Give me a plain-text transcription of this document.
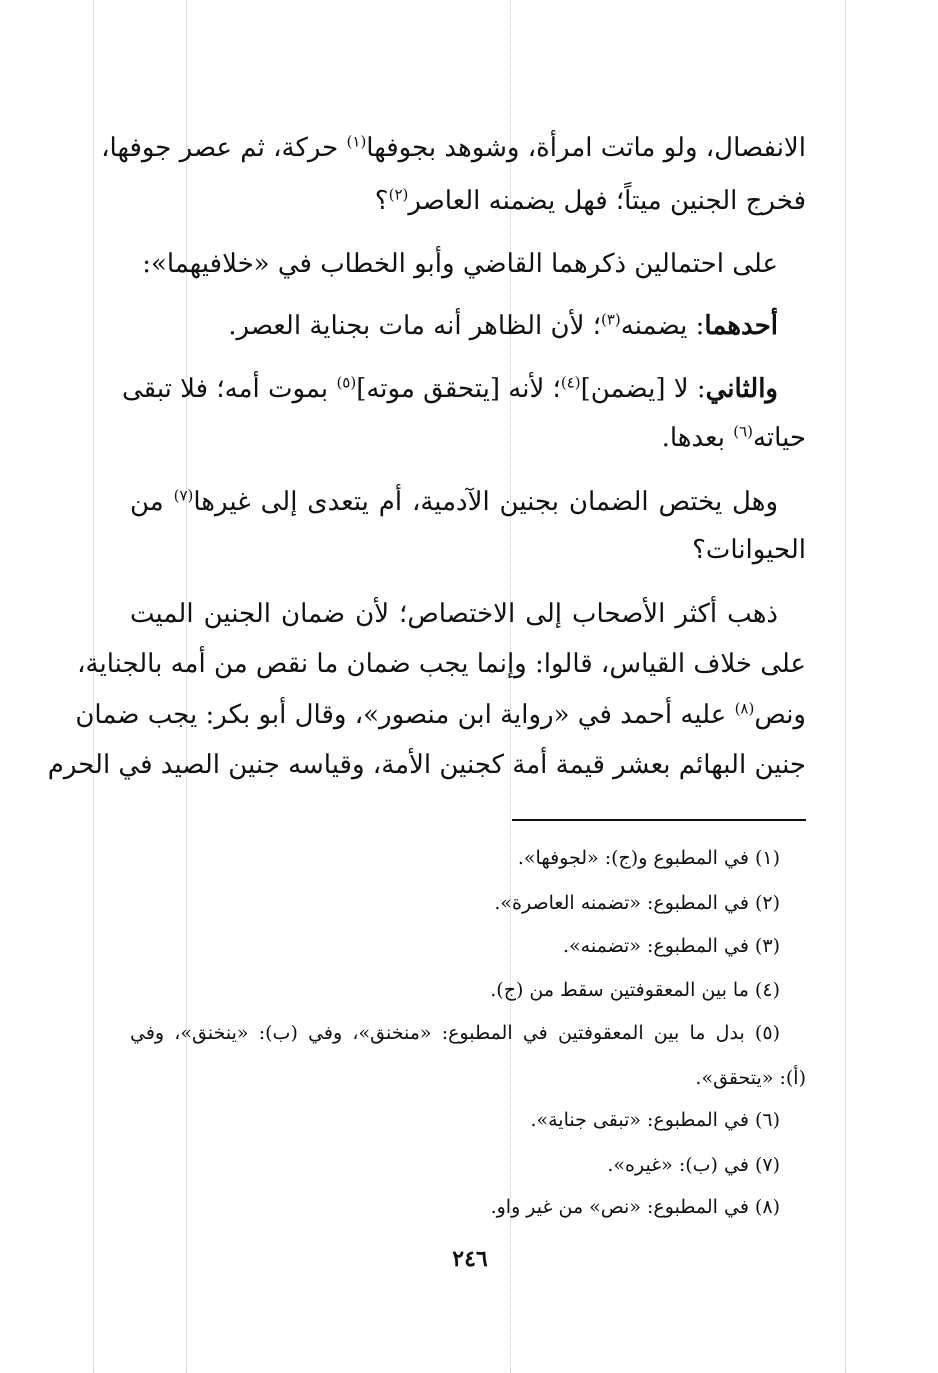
الانفصال، ولو ماتت امرأة، وشوهد بجوفها$^{(١)}$ حركة، ثم عصر جوفها،
فخرج الجنين ميتاً؛ فهل يضمنه العاصر$^{(٢)}$؟
على احتمالين ذكرهما القاضي وأبو الخطاب في «خلافيهما»:
أحدهما: يضمنه$^{(٣)}$؛ لأن الظاهر أنه مات بجناية العصر.
والثاني: لا [يضمن]$^{(٤)}$؛ لأنه [يتحقق موته]$^{(٥)}$ بموت أمه؛ فلا تبقى
حياته$^{(٦)}$ بعدها.
وهل يختص الضمان بجنين الآدمية، أم يتعدى إلى غيرها$^{(٧)}$ من
الحيوانات؟
ذهب أكثر الأصحاب إلى الاختصاص؛ لأن ضمان الجنين الميت
على خلاف القياس، قالوا: وإنما يجب ضمان ما نقص من أمه بالجناية،
ونص$^{(٨)}$ عليه أحمد في «رواية ابن منصور»، وقال أبو بكر: يجب ضمان
جنين البهائم بعشر قيمة أمة كجنين الأمة، وقياسه جنين الصيد في الحرم
(١) في المطبوع و(ج): «لجوفها».
(٢) في المطبوع: «تضمنه العاصرة».
(٣) في المطبوع: «تضمنه».
(٤) ما بين المعقوفتين سقط من (ج).
(٥) بدل ما بين المعقوفتين في المطبوع: «منخنق»، وفي (ب): «ينخنق»، وفي
(أ): «يتحقق».
(٦) في المطبوع: «تبقى جناية».
(٧) في (ب): «غيره».
(٨) في المطبوع: «نص» من غير واو.
٢٤٦
